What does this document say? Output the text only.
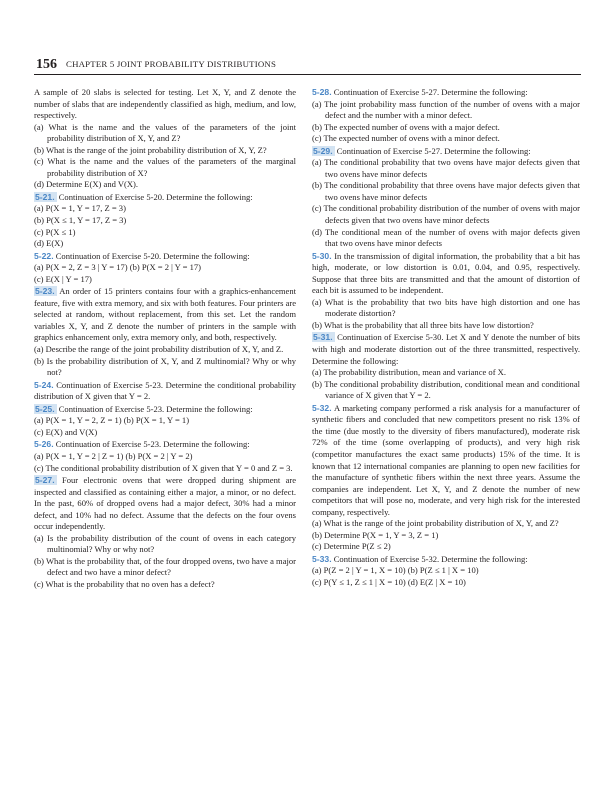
156 CHAPTER 5 JOINT PROBABILITY DISTRIBUTIONS
A sample of 20 slabs is selected for testing. Let X, Y, and Z denote the number of slabs that are independently classified as high, medium, and low, respectively.
(a) What is the name and the values of the parameters of the joint probability distribution of X, Y, and Z?
(b) What is the range of the joint probability distribution of X, Y, Z?
(c) What is the name and the values of the parameters of the marginal probability distribution of X?
(d) Determine E(X) and V(X).
5-21. Continuation of Exercise 5-20. Determine the following:
(a) P(X = 1, Y = 17, Z = 3)
(b) P(X ≤ 1, Y = 17, Z = 3)
(c) P(X ≤ 1)
(d) E(X)
5-22. Continuation of Exercise 5-20. Determine the following:
(a) P(X = 2, Z = 3 | Y = 17) (b) P(X = 2 | Y = 17)
(c) E(X | Y = 17)
5-23. An order of 15 printers contains four with a graphics-enhancement feature, five with extra memory, and six with both features. Four printers are selected at random, without replacement, from this set. Let the random variables X, Y, and Z denote the number of printers in the sample with graphics enhancement only, extra memory only, and both, respectively.
(a) Describe the range of the joint probability distribution of X, Y, and Z.
(b) Is the probability distribution of X, Y, and Z multinomial? Why or why not?
5-24. Continuation of Exercise 5-23. Determine the conditional probability distribution of X given that Y = 2.
5-25. Continuation of Exercise 5-23. Determine the following:
(a) P(X = 1, Y = 2, Z = 1) (b) P(X = 1, Y = 1)
(c) E(X) and V(X)
5-26. Continuation of Exercise 5-23. Determine the following:
(a) P(X = 1, Y = 2 | Z = 1) (b) P(X = 2 | Y = 2)
(c) The conditional probability distribution of X given that Y = 0 and Z = 3.
5-27. Four electronic ovens that were dropped during shipment are inspected and classified as containing either a major, a minor, or no defect. In the past, 60% of dropped ovens had a major defect, 30% had a minor defect, and 10% had no defect. Assume that the defects on the four ovens occur independently.
(a) Is the probability distribution of the count of ovens in each category multinomial? Why or why not?
(b) What is the probability that, of the four dropped ovens, two have a major defect and two have a minor defect?
(c) What is the probability that no oven has a defect?
5-28. Continuation of Exercise 5-27. Determine the following:
(a) The joint probability mass function of the number of ovens with a major defect and the number with a minor defect.
(b) The expected number of ovens with a major defect.
(c) The expected number of ovens with a minor defect.
5-29. Continuation of Exercise 5-27. Determine the following:
(a) The conditional probability that two ovens have major defects given that two ovens have minor defects
(b) The conditional probability that three ovens have major defects given that two ovens have minor defects
(c) The conditional probability distribution of the number of ovens with major defects given that two ovens have minor defects
(d) The conditional mean of the number of ovens with major defects given that two ovens have minor defects
5-30. In the transmission of digital information, the probability that a bit has high, moderate, or low distortion is 0.01, 0.04, and 0.95, respectively. Suppose that three bits are transmitted and that the amount of distortion of each bit is assumed to be independent.
(a) What is the probability that two bits have high distortion and one has moderate distortion?
(b) What is the probability that all three bits have low distortion?
5-31. Continuation of Exercise 5-30. Let X and Y denote the number of bits with high and moderate distortion out of the three transmitted, respectively. Determine the following:
(a) The probability distribution, mean and variance of X.
(b) The conditional probability distribution, conditional mean and conditional variance of X given that Y = 2.
5-32. A marketing company performed a risk analysis for a manufacturer of synthetic fibers and concluded that new competitors present no risk 13% of the time (due mostly to the diversity of fibers manufactured), moderate risk 72% of the time (some overlapping of products), and very high risk (competitor manufactures the exact same products) 15% of the time. It is known that 12 international companies are planning to open new facilities for the manufacture of synthetic fibers within the next three years. Assume the companies are independent. Let X, Y, and Z denote the number of new competitors that will pose no, moderate, and very high risk for the interested company, respectively.
(a) What is the range of the joint probability distribution of X, Y, and Z?
(b) Determine P(X = 1, Y = 3, Z = 1)
(c) Determine P(Z ≤ 2)
5-33. Continuation of Exercise 5-32. Determine the following:
(a) P(Z = 2 | Y = 1, X = 10) (b) P(Z ≤ 1 | X = 10)
(c) P(Y ≤ 1, Z ≤ 1 | X = 10) (d) E(Z | X = 10)
